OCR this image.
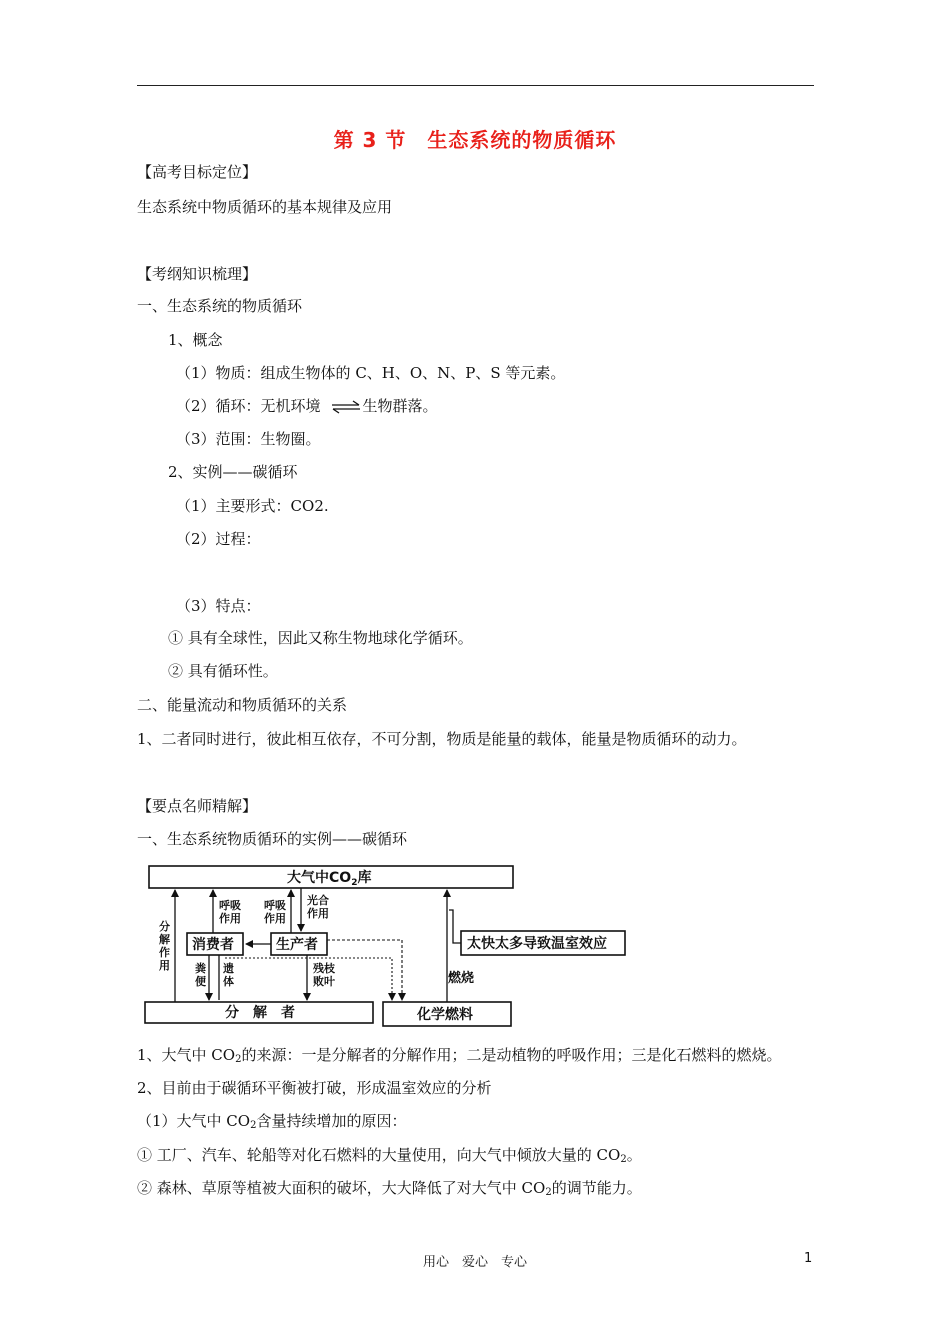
第 3 节　生态系统的物质循环
【高考目标定位】
生态系统中物质循环的基本规律及应用
【考纲知识梳理】
一、生态系统的物质循环
1、概念
（1）物质：组成生物体的 C、H、O、N、P、S 等元素。
（2）循环：无机环境 ⇌ 生物群落。
（3）范围：生物圈。
2、实例——碳循环
（1）主要形式：CO2.
（2）过程：
（3）特点：
① 具有全球性，因此又称生物地球化学循环。
② 具有循环性。
二、能量流动和物质循环的关系
1、二者同时进行，彼此相互依存，不可分割，物质是能量的载体，能量是物质循环的动力。
【要点名师精解】
一、生态系统物质循环的实例——碳循环
大气中$CO_2$库
消费者	生产者
分　解　者	化学燃料
太快太多导致温室效应
分
解
作
用
呼吸
作用
呼吸
作用
光合
作用
粪
便
遗
体
残枝
败叶	燃烧
1、大气中 $CO_2$的来源：一是分解者的分解作用；二是动植物的呼吸作用；三是化石燃料的燃烧。
2、目前由于碳循环平衡被打破，形成温室效应的分析
（1）大气中 $CO_2$含量持续增加的原因：
① 工厂、汽车、轮船等对化石燃料的大量使用，向大气中倾放大量的 $CO_2$。
② 森林、草原等植被大面积的破坏，大大降低了对大气中 $CO_2$的调节能力。
用心　爱心　专心	1
